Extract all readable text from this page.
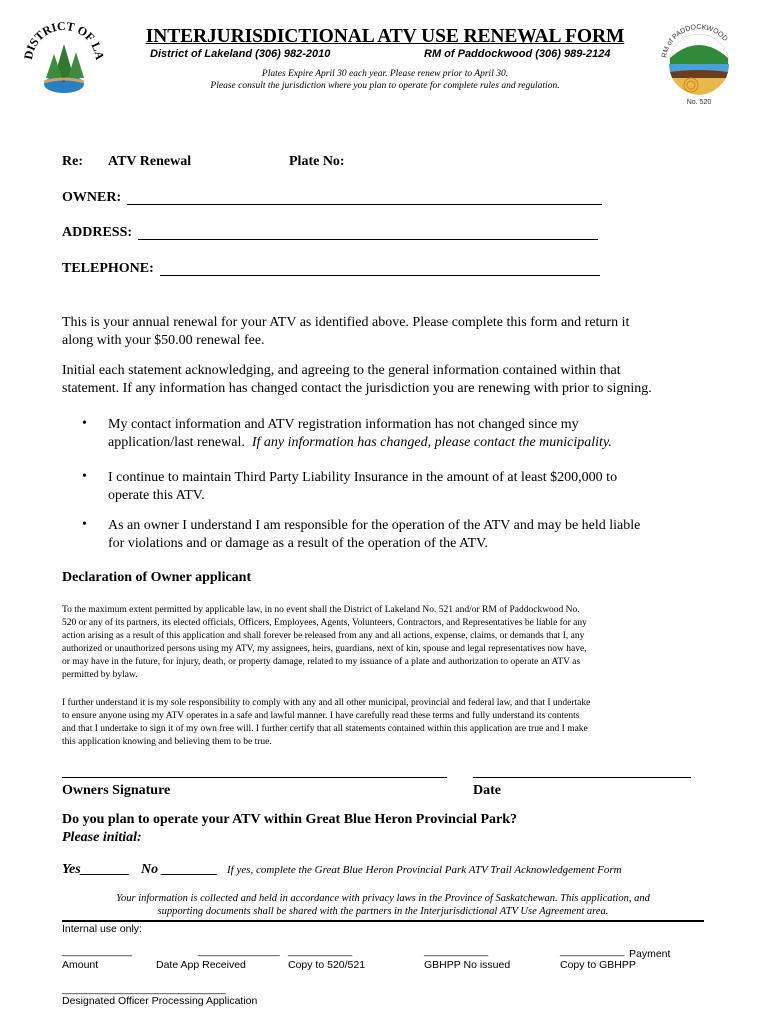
DISTRICT OF LA	RM of PADDOCKWOOD
No. 520
INTERJURISDICTIONAL ATV USE RENEWAL FORM
District of Lakeland (306) 982-2010	RM of Paddockwood (306) 989-2124
Plates Expire April 30 each year. Please renew prior to April 30.
Please consult the jurisdiction where you plan to operate for complete rules and regulation.
Re: ATV Renewal	Plate No:
OWNER:
ADDRESS:
TELEPHONE:
This is your annual renewal for your ATV as identified above. Please complete this form and return it
along with your $50.00 renewal fee.
Initial each statement acknowledging, and agreeing to the general information contained within that
statement. If any information has changed contact the jurisdiction you are renewing with prior to signing.
• My contact information and ATV registration information has not changed since my
application/last renewal.  If any information has changed, please contact the municipality.
• I continue to maintain Third Party Liability Insurance in the amount of at least $200,000 to
operate this ATV.
• As an owner I understand I am responsible for the operation of the ATV and may be held liable
for violations and or damage as a result of the operation of the ATV.
Declaration of Owner applicant
To the maximum extent permitted by applicable law, in no event shall the District of Lakeland No. 521 and/or RM of Paddockwood No.
520 or any of its partners, its elected officials, Officers, Employees, Agents, Volunteers, Contractors, and Representatives be liable for any
action arising as a result of this application and shall forever be released from any and all actions, expense, claims, or demands that I, any
authorized or unauthorized persons using my ATV, my assignees, heirs, guardians, next of kin, spouse and legal representatives now have,
or may have in the future, for injury, death, or property damage, related to my issuance of a plate and authorization to operate an ATV as
permitted by bylaw.
I further understand it is my sole responsibility to comply with any and all other municipal, provincial and federal law, and that I undertake
to ensure anyone using my ATV operates in a safe and lawful manner. I have carefully read these terms and fully understand its contents
and that I undertake to sign it of my own free will. I further certify that all statements contained within this application are true and I make
this application knowing and believing them to be true.
Owners Signature	Date
Do you plan to operate your ATV within Great Blue Heron Provincial Park?
Please initial:
Yes_______ No ________ If yes, complete the Great Blue Heron Provincial Park ATV Trail Acknowledgement Form
Your information is collected and held in accordance with privacy laws in the Province of Saskatchewan. This application, and
supporting documents shall be shared with the partners in the Interjurisdictional ATV Use Agreement area.
Internal use only:
____________
Amount
______________
Date App Received
___________
Copy to 520/521
___________
GBHPP No issued
___________ Payment
Copy to GBHPP
____________________________
Designated Officer Processing Application
